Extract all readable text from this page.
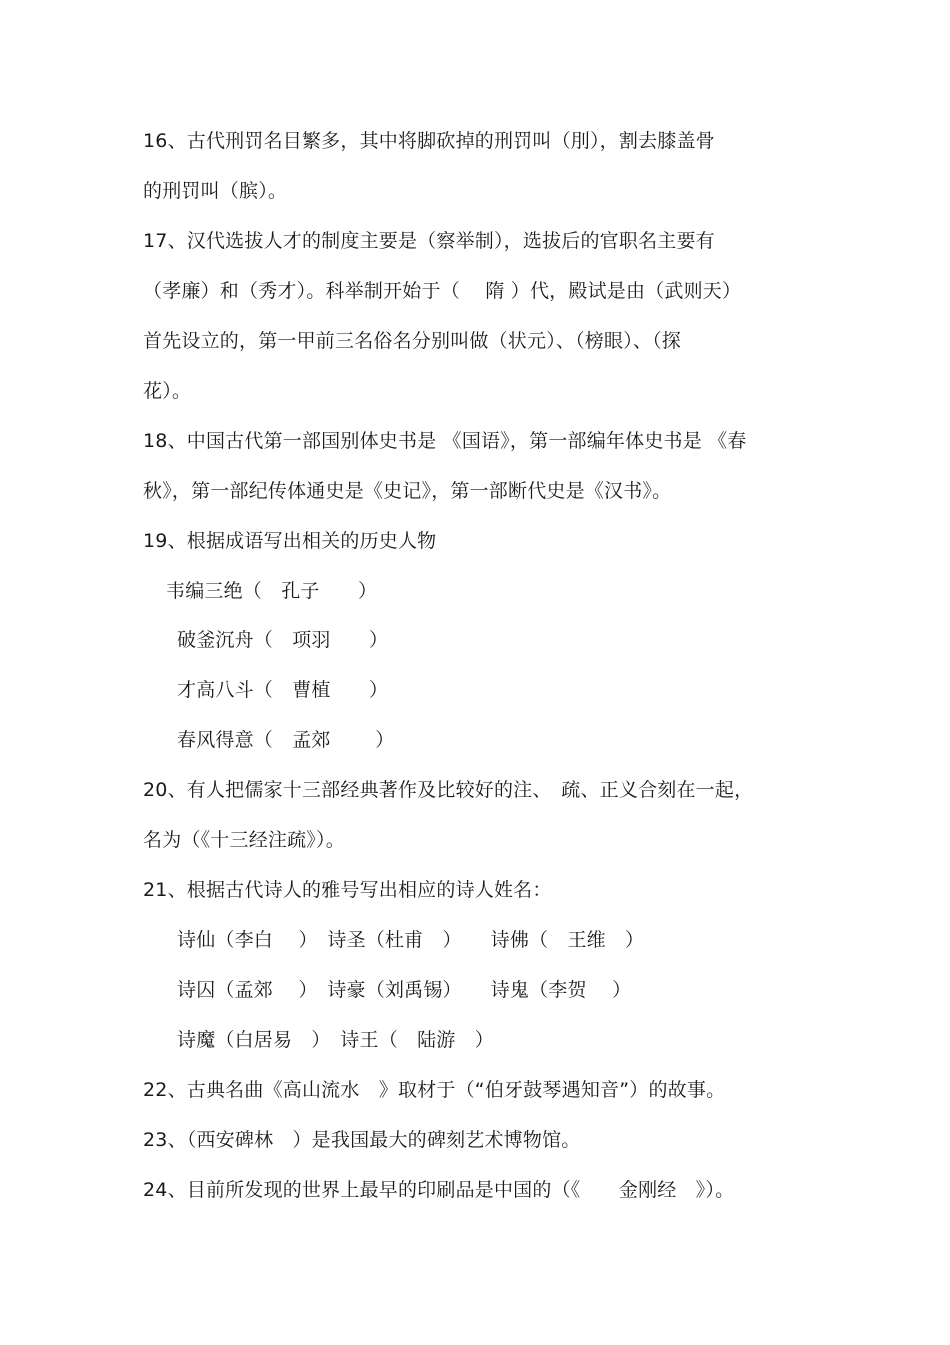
16、古代刑罚名目繁多，其中将脚砍掉的刑罚叫（刖），割去膝盖骨
的刑罚叫（膑）。
17、汉代选拔人才的制度主要是（察举制），选拔后的官职名主要有
（孝廉）和（秀才）。科举制开始于（　 隋 ）代，殿试是由（武则天）
首先设立的，第一甲前三名俗名分别叫做（状元）、（榜眼）、（探
花）。
18、中国古代第一部国别体史书是 《国语》，第一部编年体史书是 《春
秋》，第一部纪传体通史是《史记》，第一部断代史是《汉书》。
19、根据成语写出相关的历史人物
韦编三绝（　孔子　　）
破釜沉舟（　项羽　　）
才高八斗（　曹植　　）
春风得意（　孟郊　　 ）
20、有人把儒家十三部经典著作及比较好的注、　疏、正义合刻在一起，
名为（《十三经注疏》）。
21、根据古代诗人的雅号写出相应的诗人姓名：
诗仙（李白　 ）　诗圣（杜甫　）　　诗佛（　王维　）
诗囚（孟郊　 ）　诗豪（刘禹锡）　　诗鬼（李贺　 ）
诗魔（白居易　）　诗王（　陆游　）
22、古典名曲《高山流水　》取材于（“伯牙鼓琴遇知音”）的故事。
23、（西安碑林　）是我国最大的碑刻艺术博物馆。
24、目前所发现的世界上最早的印刷品是中国的（《　　金刚经　》）。
